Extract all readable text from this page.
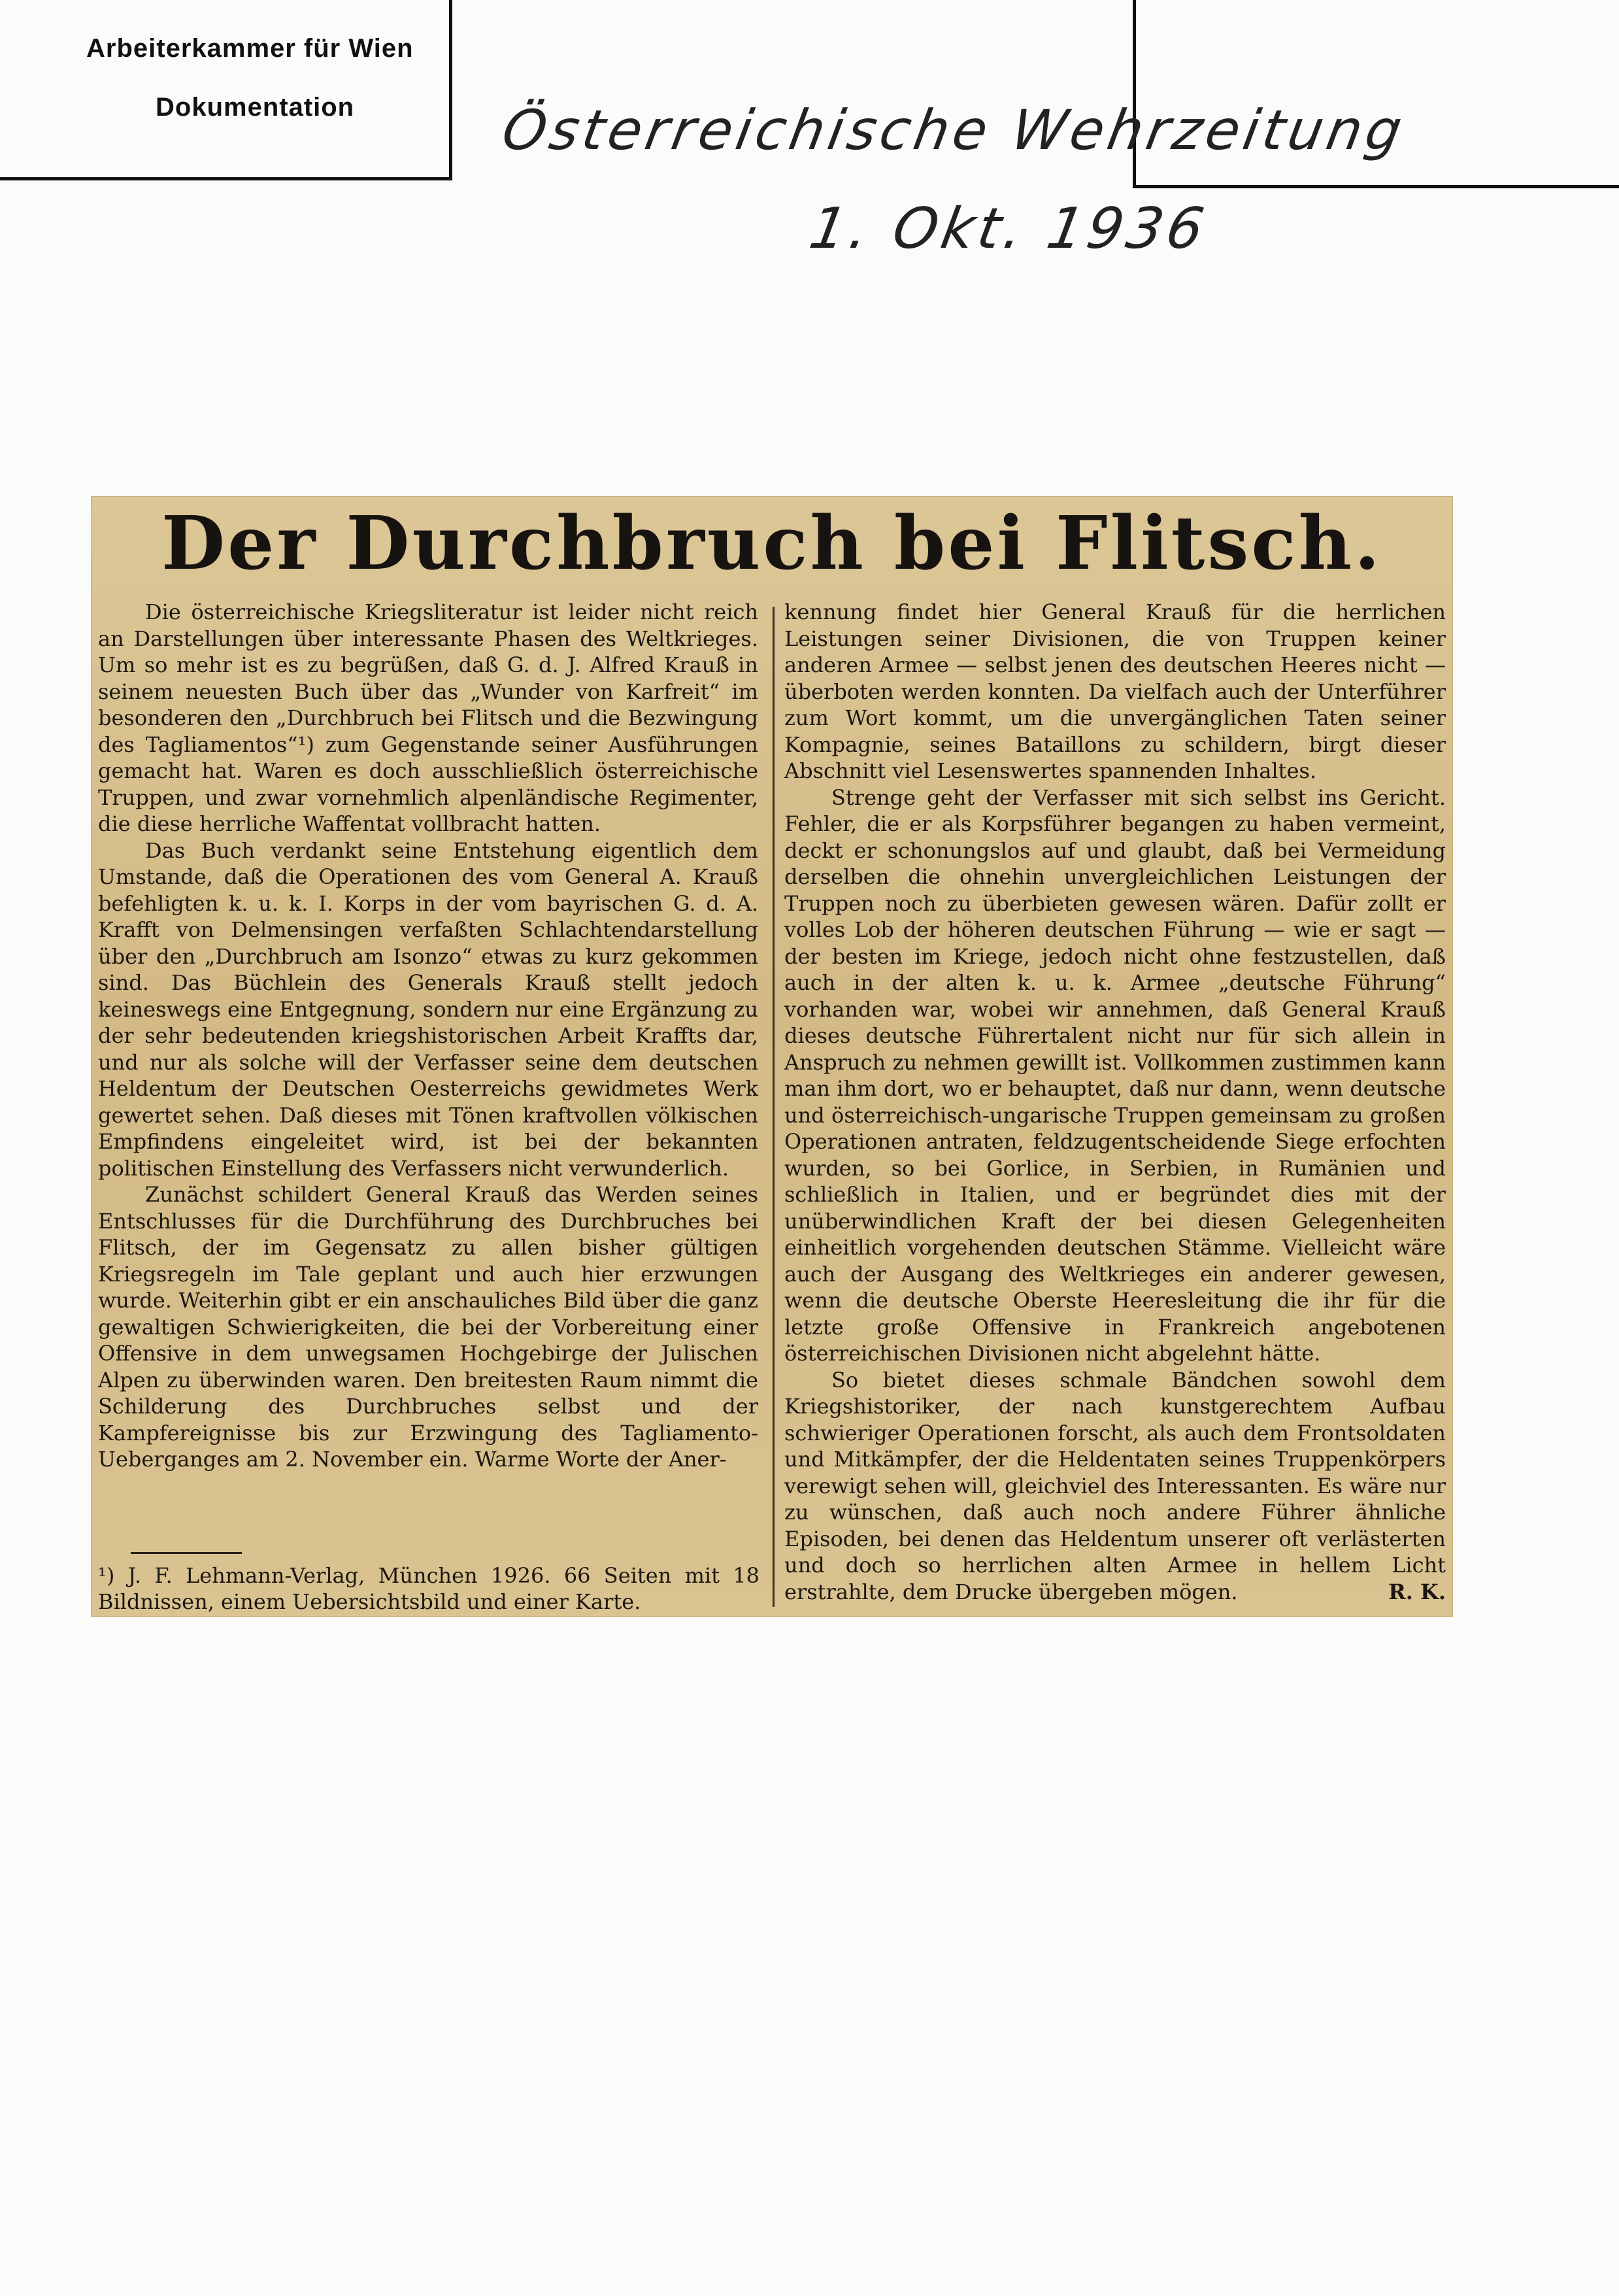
Arbeiterkammer für Wien
Dokumentation	Österreichische Wehrzeitung
1. Okt. 1936
Der Durchbruch bei Flitsch.

Die österreichische Kriegsliteratur ist leider nicht reich an Darstellungen über interessante Phasen des Weltkrieges. Um so mehr ist es zu begrüßen, daß G. d. J. Alfred Krauß in seinem neuesten Buch über das „Wunder von Karfreit“ im besonderen den „Durchbruch bei Flitsch und die Bezwingung des Tagliamentos“¹) zum Gegenstande seiner Ausführungen gemacht hat. Waren es doch ausschließlich österreichische Truppen, und zwar vornehmlich alpenländische Regimenter, die diese herrliche Waffentat vollbracht hatten.

Das Buch verdankt seine Entstehung eigentlich dem Umstande, daß die Operationen des vom General A. Krauß befehligten k. u. k. I. Korps in der vom bayrischen G. d. A. Krafft von Delmensingen verfaßten Schlachtendarstellung über den „Durchbruch am Isonzo“ etwas zu kurz gekommen sind. Das Büchlein des Generals Krauß stellt jedoch keineswegs eine Entgegnung, sondern nur eine Ergänzung zu der sehr bedeutenden kriegshistorischen Arbeit Kraffts dar, und nur als solche will der Verfasser seine dem deutschen Heldentum der Deutschen Oesterreichs gewidmetes Werk gewertet sehen. Daß dieses mit Tönen kraftvollen völkischen Empfindens eingeleitet wird, ist bei der bekannten politischen Einstellung des Verfassers nicht verwunderlich.

Zunächst schildert General Krauß das Werden seines Entschlusses für die Durchführung des Durchbruches bei Flitsch, der im Gegensatz zu allen bisher gültigen Kriegsregeln im Tale geplant und auch hier erzwungen wurde. Weiterhin gibt er ein anschauliches Bild über die ganz gewaltigen Schwierigkeiten, die bei der Vorbereitung einer Offensive in dem unwegsamen Hochgebirge der Julischen Alpen zu überwinden waren. Den breitesten Raum nimmt die Schilderung des Durchbruches selbst und der Kampfereignisse bis zur Erzwingung des Tagliamento-Ueberganges am 2. November ein. Warme Worte der Aner-

kennung findet hier General Krauß für die herrlichen Leistungen seiner Divisionen, die von Truppen keiner anderen Armee — selbst jenen des deutschen Heeres nicht — überboten werden konnten. Da vielfach auch der Unterführer zum Wort kommt, um die unvergänglichen Taten seiner Kompagnie, seines Bataillons zu schildern, birgt dieser Abschnitt viel Lesenswertes spannenden Inhaltes.

Strenge geht der Verfasser mit sich selbst ins Gericht. Fehler, die er als Korpsführer begangen zu haben vermeint, deckt er schonungslos auf und glaubt, daß bei Vermeidung derselben die ohnehin unvergleichlichen Leistungen der Truppen noch zu überbieten gewesen wären. Dafür zollt er volles Lob der höheren deutschen Führung — wie er sagt — der besten im Kriege, jedoch nicht ohne festzustellen, daß auch in der alten k. u. k. Armee „deutsche Führung“ vorhanden war, wobei wir annehmen, daß General Krauß dieses deutsche Führertalent nicht nur für sich allein in Anspruch zu nehmen gewillt ist. Vollkommen zustimmen kann man ihm dort, wo er behauptet, daß nur dann, wenn deutsche und österreichisch-ungarische Truppen gemeinsam zu großen Operationen antraten, feldzugentscheidende Siege erfochten wurden, so bei Gorlice, in Serbien, in Rumänien und schließlich in Italien, und er begründet dies mit der unüberwindlichen Kraft der bei diesen Gelegenheiten einheitlich vorgehenden deutschen Stämme. Vielleicht wäre auch der Ausgang des Weltkrieges ein anderer gewesen, wenn die deutsche Oberste Heeresleitung die ihr für die letzte große Offensive in Frankreich angebotenen österreichischen Divisionen nicht abgelehnt hätte.

So bietet dieses schmale Bändchen sowohl dem Kriegshistoriker, der nach kunstgerechtem Aufbau schwieriger Operationen forscht, als auch dem Frontsoldaten und Mitkämpfer, der die Heldentaten seines Truppenkörpers verewigt sehen will, gleichviel des Interessanten. Es wäre nur zu wünschen, daß auch noch andere Führer ähnliche Episoden, bei denen das Heldentum unserer oft verlästerten und doch so herrlichen alten Armee in hellem Licht erstrahlte, dem Drucke übergeben mögen.	R. K.

¹) J. F. Lehmann-Verlag, München 1926. 66 Seiten mit 18 Bildnissen, einem Uebersichtsbild und einer Karte.
